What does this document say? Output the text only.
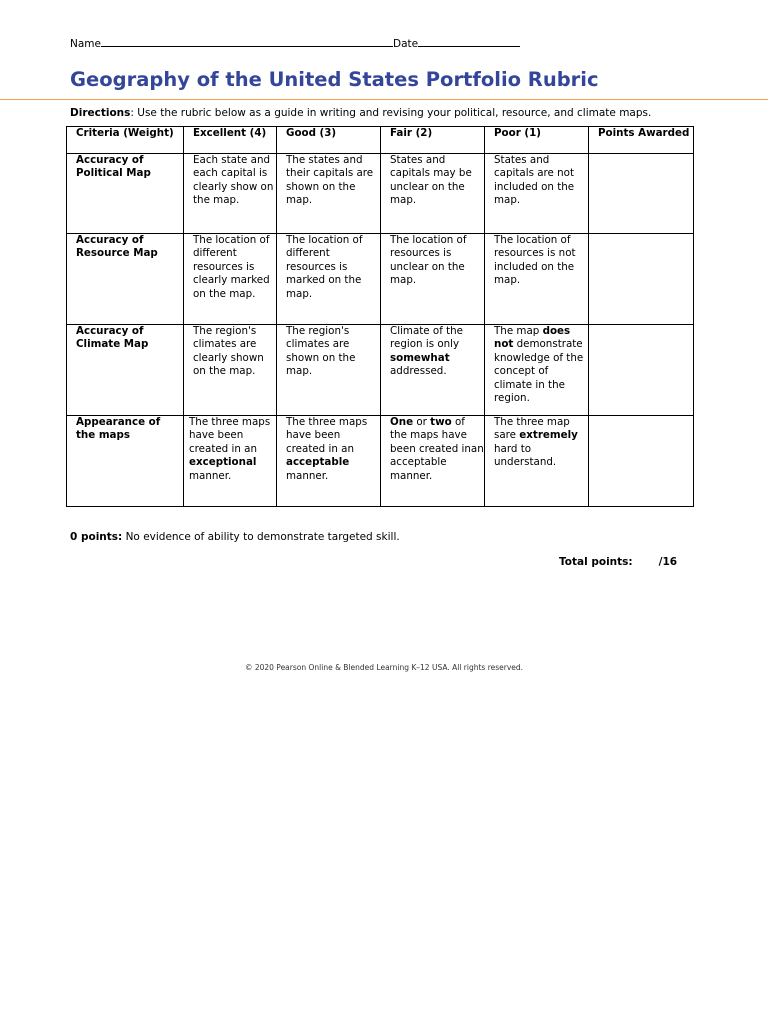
Name	Date
Geography of the United States Portfolio Rubric
Directions: Use the rubric below as a guide in writing and revising your political, resource, and climate maps.
Criteria (Weight)	Excellent (4)	Good (3)	Fair (2)	Poor (1)	Points Awarded
Accuracy of Political Map	Each state and each capital is clearly show on the map.	The states and their capitals are shown on the map.	States and capitals may be unclear on the map.	States and capitals are not included on the map.	
Accuracy of Resource Map	The location of different resources is clearly marked on the map.	The location of different resources is marked on the map.	The location of resources is unclear on the map.	The location of resources is not included on the map.	
Accuracy of Climate Map	The region's climates are clearly shown on the map.	The region's climates are shown on the map.	Climate of the region is only somewhat addressed.	The map does not demonstrate knowledge of the concept of climate in the region.	
Appearance of the maps	The three maps have been created in an exceptional manner.	The three maps have been created in an acceptable manner.	One or two of the maps have been created inan acceptable manner.	The three map sare extremely hard to understand.	
0 points: No evidence of ability to demonstrate targeted skill.
Total points: /16
© 2020 Pearson Online & Blended Learning K–12 USA. All rights reserved.
